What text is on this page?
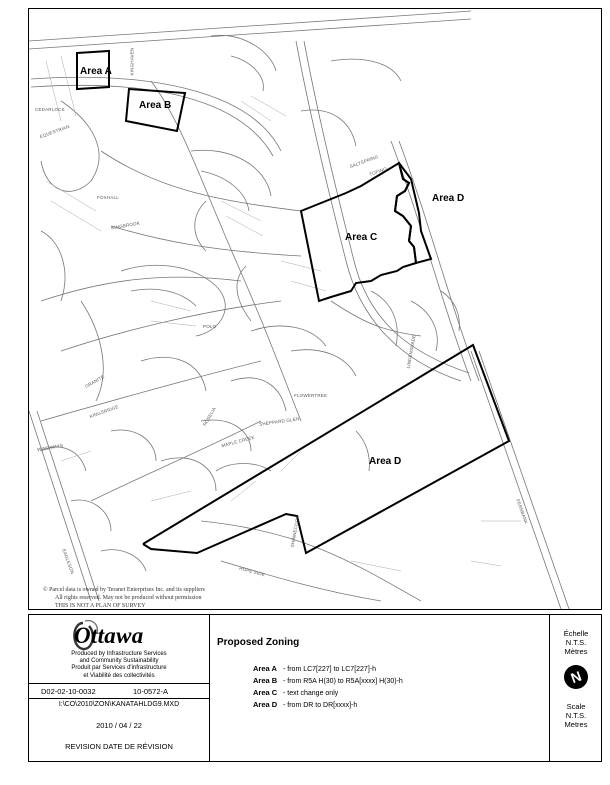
Area A
Area B
Area C
Area D
Area D
KINGHAVEN
FOXHALL
KINGBROOK
GRANITE
WINDWAYS
KINGSRIDGE
CEDARLOCK
EQUESTRIAN
SALTSPRING
TOFINO
FLOWERTREE
SHEPPARD GLEN
ROSELIA
MAPLE CREEK
HOPE SIDE
EAGLESON
FERNBANK
SHINNECOCK
LINDENSHADE
POLO
© Parcel data is owned by Teranet Enterprises Inc. and its suppliers
All rights reserved. May not be produced without permission
THIS IS NOT A PLAN OF SURVEY
Ottawa
Produced by Infrastructure Services
and Community Sustainability
Produit par Services d'infrastructure
et Viabilité des collectivités
D02-02-10-0032	10-0572-A
I:\CO\2010\ZON\KANATAHLDG9.MXD
2010 / 04 / 22
REVISION DATE DE RÉVISION
Proposed Zoning
Area A - from LC7[227] to LC7[227]-h
Area B - from R5A H(30) to R5A[xxxx] H(30)-h
Area C - text change only
Area D - from DR to DR[xxxx]-h
Échelle
N.T.S.
Mètres
N
Scale
N.T.S.
Metres
